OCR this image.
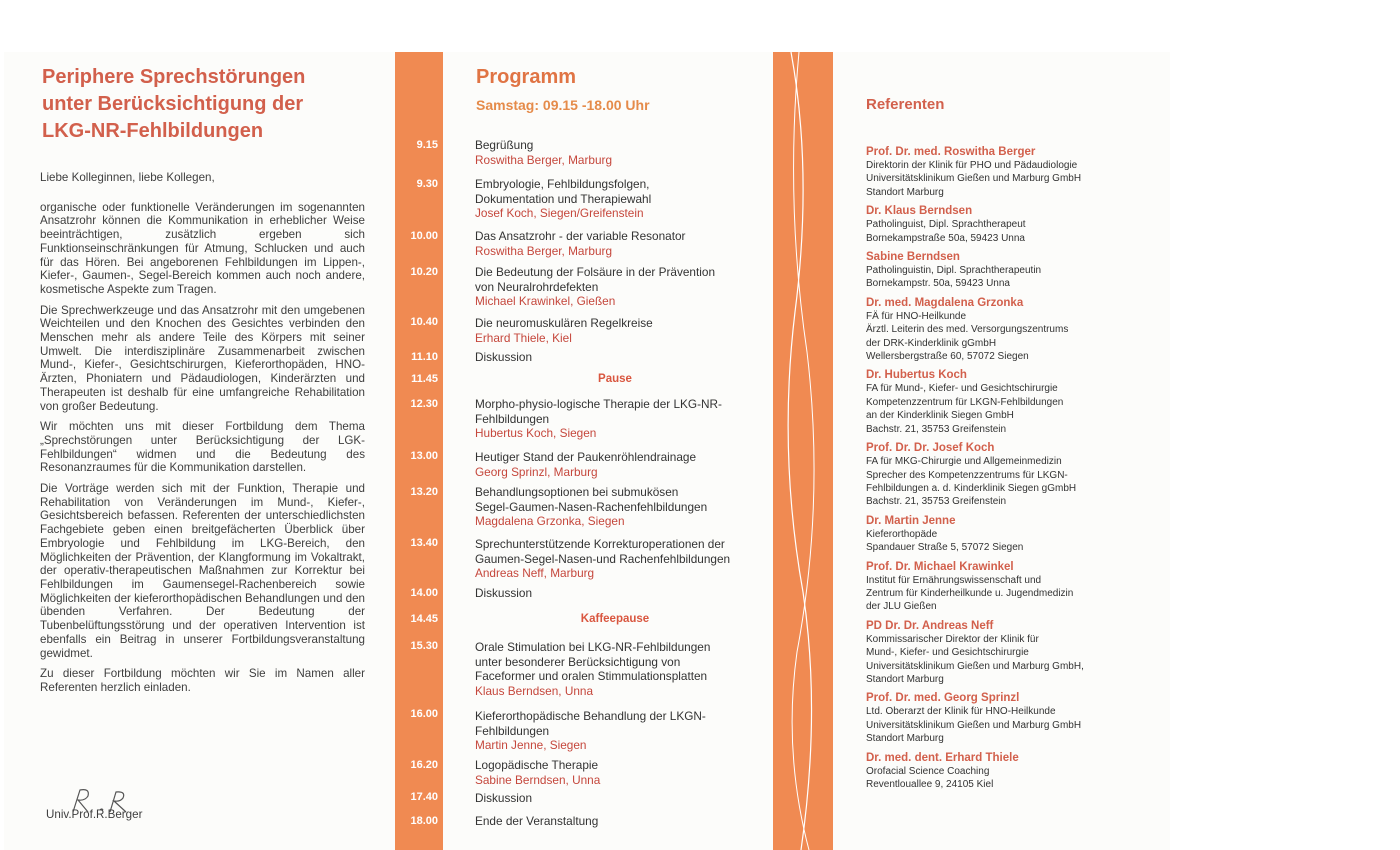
Periphere Sprechstörungen
unter Berücksichtigung der
LKG-NR-Fehlbildungen

Liebe Kolleginnen, liebe Kollegen,

organische oder funktionelle Veränderungen im sogenannten Ansatzrohr können die Kommunikation in erheblicher Weise beeinträchtigen, zusätzlich ergeben sich Funktionseinschränkungen für Atmung, Schlucken und auch für das Hören. Bei angeborenen Fehlbildungen im Lippen-, Kiefer-, Gaumen-, Segel-Bereich kommen auch noch andere, kosmetische Aspekte zum Tragen.

Die Sprechwerkzeuge und das Ansatzrohr mit den umgebenen Weichteilen und den Knochen des Gesichtes verbinden den Menschen mehr als andere Teile des Körpers mit seiner Umwelt. Die interdisziplinäre Zusammenarbeit zwischen Mund-, Kiefer-, Gesichtschirurgen, Kieferorthopäden, HNO-Ärzten, Phoniatern und Pädaudiologen, Kinderärzten und Therapeuten ist deshalb für eine umfangreiche Rehabilitation von großer Bedeutung.

Wir möchten uns mit dieser Fortbildung dem Thema „Sprechstörungen unter Berücksichtigung der LGK-Fehlbildungen“ widmen und die Bedeutung des Resonanzraumes für die Kommunikation darstellen.

Die Vorträge werden sich mit der Funktion, Therapie und Rehabilitation von Veränderungen im Mund-, Kiefer-, Gesichtsbereich befassen. Referenten der unterschiedlichsten Fachgebiete geben einen breitgefächerten Überblick über Embryologie und Fehlbildung im LKG-Bereich, den Möglichkeiten der Prävention, der Klangformung im Vokaltrakt, der operativ-therapeutischen Maßnahmen zur Korrektur bei Fehlbildungen im Gaumensegel-Rachenbereich sowie Möglichkeiten der kieferorthopädischen Behandlungen und den übenden Verfahren. Der Bedeutung der Tubenbelüftungsstörung und der operativen Intervention ist ebenfalls ein Beitrag in unserer Fortbildungsveranstaltung gewidmet.

Zu dieser Fortbildung möchten wir Sie im Namen aller Referenten herzlich einladen.

Univ.Prof.R.Berger
9.15
9.30
10.00
10.20
10.40
11.10
11.45
12.30
13.00
13.20
13.40
14.00
14.45
15.30
16.00
16.20
17.40
18.00
Programm
Samstag: 09.15 -18.00 Uhr
Begrüßung
Roswitha Berger, Marburg
Embryologie, Fehlbildungsfolgen,
Dokumentation und Therapiewahl
Josef Koch, Siegen/Greifenstein
Das Ansatzrohr - der variable Resonator
Roswitha Berger, Marburg
Die Bedeutung der Folsäure in der Prävention
von Neuralrohrdefekten
Michael Krawinkel, Gießen
Die neuromuskulären Regelkreise
Erhard Thiele, Kiel
Diskussion
Morpho-physio-logische Therapie der LKG-NR-
Fehlbildungen
Hubertus Koch, Siegen
Heutiger Stand der Paukenröhlendrainage
Georg Sprinzl, Marburg
Behandlungsoptionen bei submukösen
Segel-Gaumen-Nasen-Rachenfehlbildungen
Magdalena Grzonka, Siegen
Sprechunterstützende Korrekturoperationen der
Gaumen-Segel-Nasen-und Rachenfehlbildungen
Andreas Neff, Marburg
Diskussion
Orale Stimulation bei LKG-NR-Fehlbildungen
unter besonderer Berücksichtigung von
Faceformer und oralen Stimmulationsplatten
Klaus Berndsen, Unna
Kieferorthopädische Behandlung der LKGN-
Fehlbildungen
Martin Jenne, Siegen
Logopädische Therapie
Sabine Berndsen, Unna
Diskussion
Ende der Veranstaltung
Pause
Kaffeepause
Referenten
Prof. Dr. med. Roswitha Berger
Direktorin der Klinik für PHO und Pädaudiologie
Universitätsklinikum Gießen und Marburg GmbH
Standort Marburg
Dr. Klaus Berndsen
Patholinguist, Dipl. Sprachtherapeut
Bornekampstraße 50a, 59423 Unna
Sabine Berndsen
Patholinguistin, Dipl. Sprachtherapeutin
Bornekampstr. 50a, 59423 Unna
Dr. med. Magdalena Grzonka
FÄ für HNO-Heilkunde
Ärztl. Leiterin des med. Versorgungszentrums
der DRK-Kinderklinik gGmbH
Wellersbergstraße 60, 57072 Siegen
Dr. Hubertus Koch
FA für Mund-, Kiefer- und Gesichtschirurgie
Kompetenzzentrum für LKGN-Fehlbildungen
an der Kinderklinik Siegen GmbH
Bachstr. 21, 35753 Greifenstein
Prof. Dr. Dr. Josef Koch
FA für MKG-Chirurgie und Allgemeinmedizin
Sprecher des Kompetenzzentrums für LKGN-
Fehlbildungen a. d. Kinderklinik Siegen gGmbH
Bachstr. 21, 35753 Greifenstein
Dr. Martin Jenne
Kieferorthopäde
Spandauer Straße 5, 57072 Siegen
Prof. Dr. Michael Krawinkel
Institut für Ernährungswissenschaft und
Zentrum für Kinderheilkunde u. Jugendmedizin
der JLU Gießen
PD Dr. Dr. Andreas Neff
Kommissarischer Direktor der Klinik für
Mund-, Kiefer- und Gesichtschirurgie
Universitätsklinikum Gießen und Marburg GmbH,
Standort Marburg
Prof. Dr. med. Georg Sprinzl
Ltd. Oberarzt der Klinik für HNO-Heilkunde
Universitätsklinikum Gießen und Marburg GmbH
Standort Marburg
Dr. med. dent. Erhard Thiele
Orofacial Science Coaching
Reventlouallee 9, 24105 Kiel
